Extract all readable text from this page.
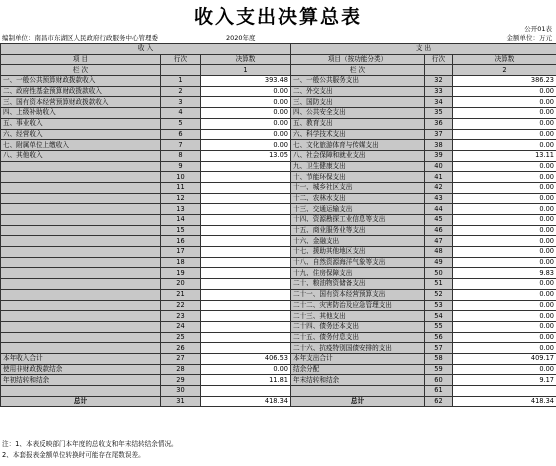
收入支出决算总表
公开01表
编制单位：南昌市东湖区人民政府行政服务中心管理委	2020年度	金额单位：万元
收 入			支 出		
项 目	行次	决算数	项目（按功能分类）	行次	决算数
栏 次		1	栏 次		2
一、一般公共预算财政拨款收入	1	393.48	一、一般公共服务支出	32	386.23
二、政府性基金预算财政拨款收入	2	0.00	二、外交支出	33	0.00
三、国有资本经营预算财政拨款收入	3	0.00	三、国防支出	34	0.00
四、上级补助收入	4	0.00	四、公共安全支出	35	0.00
五、事业收入	5	0.00	五、教育支出	36	0.00
六、经营收入	6	0.00	六、科学技术支出	37	0.00
七、附属单位上缴收入	7	0.00	七、文化旅游体育与传媒支出	38	0.00
八、其他收入	8	13.05	八、社会保障和就业支出	39	13.11
	9		九、卫生健康支出	40	0.00
	10		十、节能环保支出	41	0.00
	11		十一、城乡社区支出	42	0.00
	12		十二、农林水支出	43	0.00
	13		十三、交通运输支出	44	0.00
	14		十四、资源勘探工业信息等支出	45	0.00
	15		十五、商业服务业等支出	46	0.00
	16		十六、金融支出	47	0.00
	17		十七、援助其他地区支出	48	0.00
	18		十八、自然资源海洋气象等支出	49	0.00
	19		十九、住房保障支出	50	9.83
	20		二十、粮油物资储备支出	51	0.00
	21		二十一、国有资本经营预算支出	52	0.00
	22		二十二、灾害防治及应急管理支出	53	0.00
	23		二十三、其他支出	54	0.00
	24		二十四、债务还本支出	55	0.00
	25		二十五、债务付息支出	56	0.00
	26		二十六、抗疫特别国债安排的支出	57	0.00
本年收入合计	27	406.53	本年支出合计	58	409.17
使用非财政拨款结余	28	0.00	结余分配	59	0.00
年初结转和结余	29	11.81	年末结转和结余	60	9.17
	30			61	
总计	31	418.34	总计	62	418.34
注：1、本表反映部门本年度的总收支和年末结转结余情况。
2、本套报表金额单位转换时可能存在尾数误差。
